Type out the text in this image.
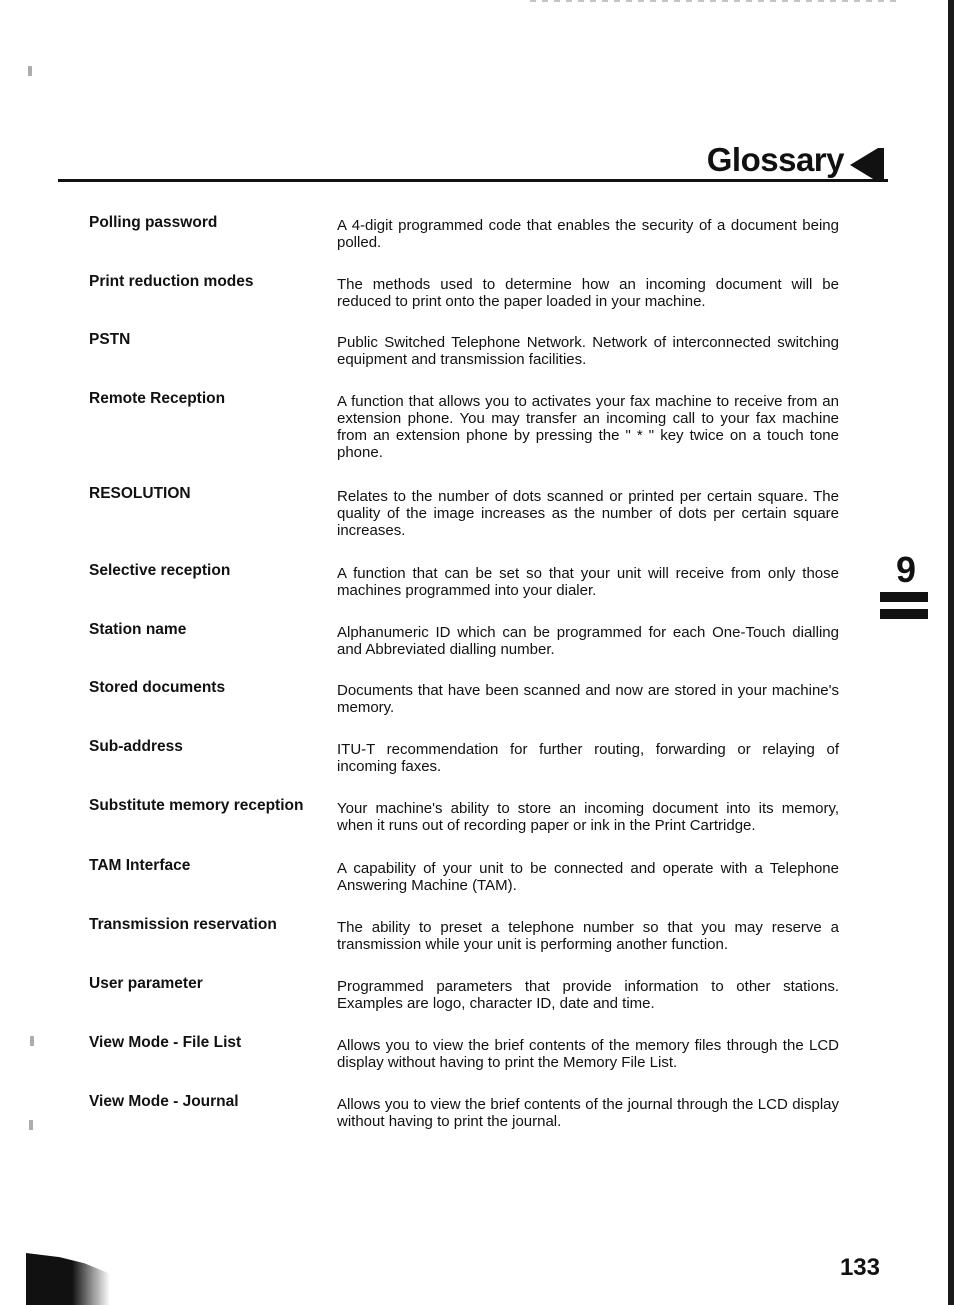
Glossary
Polling password	A 4-digit programmed code that enables the security of a document being polled.
Print reduction modes	The methods used to determine how an incoming document will be reduced to print onto the paper loaded in your machine.
PSTN	Public Switched Telephone Network. Network of interconnected switching equipment and transmission facilities.
Remote Reception	A function that allows you to activates your fax machine to receive from an extension phone. You may transfer an incoming call to your fax machine from an extension phone by pressing the " * " key twice on a touch tone phone.
RESOLUTION	Relates to the number of dots scanned or printed per certain square. The quality of the image increases as the number of dots per certain square increases.
Selective reception	A function that can be set so that your unit will receive from only those machines programmed into your dialer.
Station name	Alphanumeric ID which can be programmed for each One-Touch dialling and Abbreviated dialling number.
Stored documents	Documents that have been scanned and now are stored in your machine's memory.
Sub-address	ITU-T recommendation for further routing, forwarding or relaying of incoming faxes.
Substitute memory reception	Your machine's ability to store an incoming document into its memory, when it runs out of recording paper or ink in the Print Cartridge.
TAM Interface	A capability of your unit to be connected and operate with a Telephone Answering Machine (TAM).
Transmission reservation	The ability to preset a telephone number so that you may reserve a transmission while your unit is performing another function.
User parameter	Programmed parameters that provide information to other stations. Examples are logo, character ID, date and time.
View Mode - File List	Allows you to view the brief contents of the memory files through the LCD display without having to print the Memory File List.
View Mode - Journal	Allows you to view the brief contents of the journal through the LCD display without having to print the journal.
9
133
